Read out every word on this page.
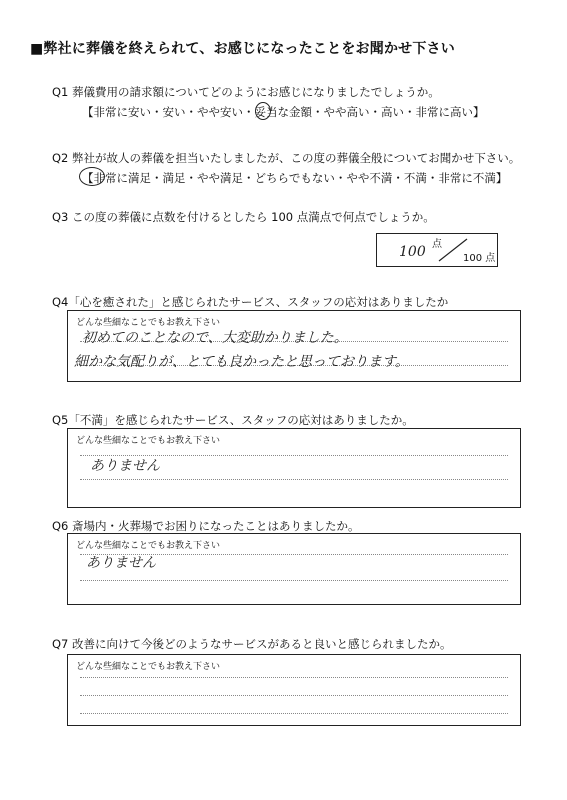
■弊社に葬儀を終えられて、お感じになったことをお聞かせ下さい
Q1 葬儀費用の請求額についてどのようにお感じになりましたでしょうか。
【非常に安い・安い・やや安い・妥当な金額・やや高い・高い・非常に高い】
Q2 弊社が故人の葬儀を担当いたしましたが、この度の葬儀全般についてお聞かせ下さい。
【非常に満足・満足・やや満足・どちらでもない・やや不満・不満・非常に不満】
Q3 この度の葬儀に点数を付けるとしたら 100 点満点で何点でしょうか。
100 点
100 点
Q4「心を癒された」と感じられたサービス、スタッフの応対はありましたか
どんな些細なことでもお教え下さい
初めてのことなので、大変助かりました。
細かな気配りが、とても良かったと思っております。
Q5「不満」を感じられたサービス、スタッフの応対はありましたか。
どんな些細なことでもお教え下さい
ありません
Q6 斎場内・火葬場でお困りになったことはありましたか。
どんな些細なことでもお教え下さい
ありません
Q7 改善に向けて今後どのようなサービスがあると良いと感じられましたか。
どんな些細なことでもお教え下さい
